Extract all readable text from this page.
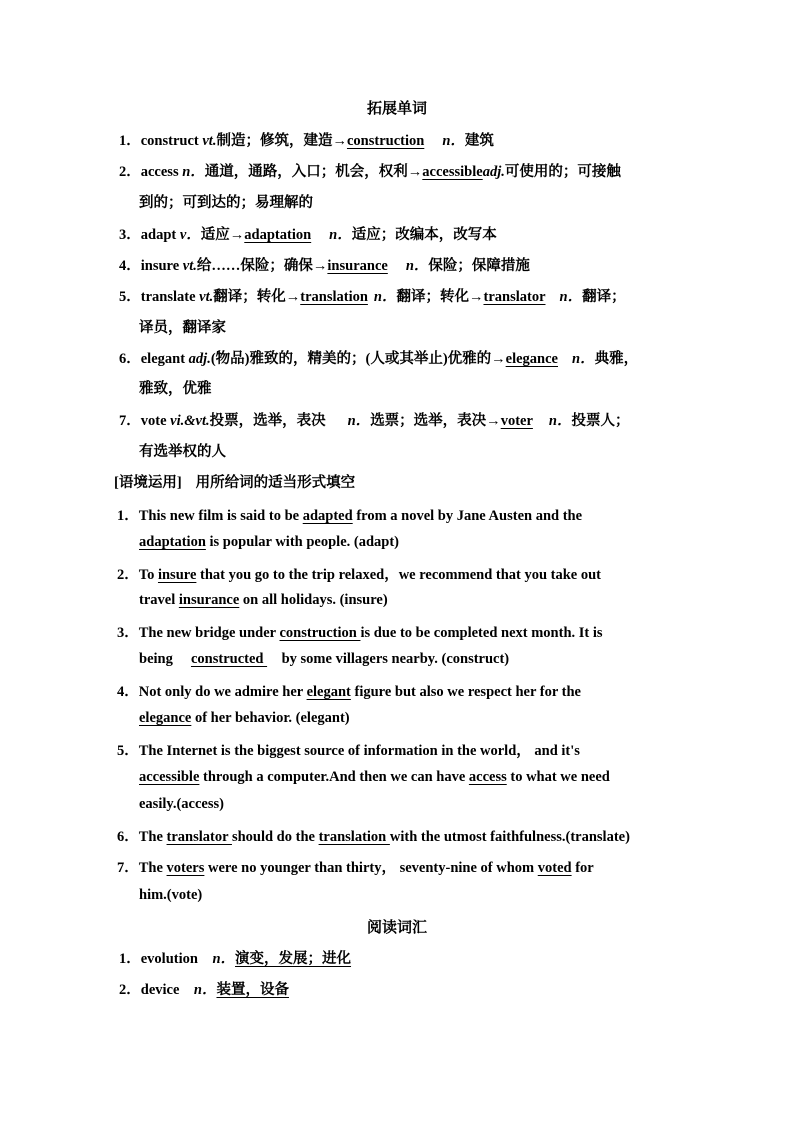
拓展单词
1．construct vt.制造；修筑，建造→construction n．建筑
2．access n．通道，通路，入口；机会，权利→accessibleadj.可使用的；可接触
到的；可到达的；易理解的
3．adapt v．适应→adaptation n．适应；改编本，改写本
4．insure vt.给……保险；确保→insurance n．保险；保障措施
5．translate vt.翻译；转化→translation n．翻译；转化→translator n．翻译；
译员，翻译家
6．elegant adj.(物品)雅致的，精美的；(人或其举止)优雅的→elegance n．典雅，
雅致，优雅
7．vote vi.&vt.投票，选举，表决 n．选票；选举，表决→voter n．投票人；
有选举权的人
[语境运用] 用所给词的适当形式填空
1．This new film is said to be adapted from a novel by Jane Austen and the
adaptation is popular with people. (adapt)
2．To insure that you go to the trip relaxed，we recommend that you take out
travel insurance on all holidays. (insure)
3．The new bridge under construction is due to be completed next month. It is
being     constructed     by some villagers nearby. (construct)
4．Not only do we admire her elegant figure but also we respect her for the
elegance of her behavior. (elegant)
5．The Internet is the biggest source of information in the world， and it's
accessible through a computer.And then we can have access to what we need
easily.(access)
6．The translator should do the translation with the utmost faithfulness.(translate)
7．The voters were no younger than thirty， seventy-nine of whom voted for
him.(vote)
阅读词汇
1．evolution    n．演变，发展；进化
2．device    n．装置，设备
